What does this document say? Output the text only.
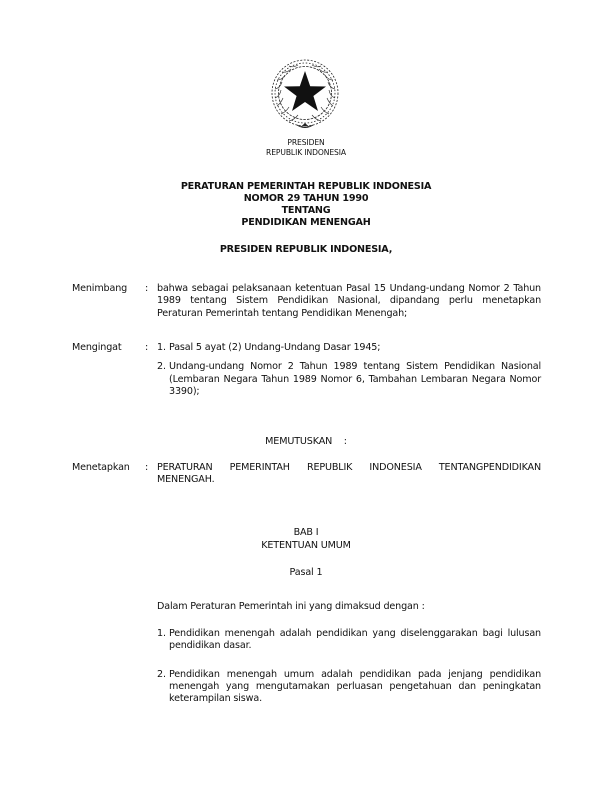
PRESIDEN
REPUBLIK INDONESIA
PERATURAN PEMERINTAH REPUBLIK INDONESIA
NOMOR 29 TAHUN 1990
TENTANG
PENDIDIKAN MENENGAH
PRESIDEN REPUBLIK INDONESIA,
Menimbang : bahwa sebagai pelaksanaan ketentuan Pasal 15 Undang-undang Nomor 2 Tahun 1989 tentang Sistem Pendidikan Nasional, dipandang perlu menetapkan Peraturan Pemerintah tentang Pendidikan Menengah;
Mengingat : 1. Pasal 5 ayat (2) Undang-Undang Dasar 1945;
2. Undang-undang Nomor 2 Tahun 1989 tentang Sistem Pendidikan Nasional (Lembaran Negara Tahun 1989 Nomor 6, Tambahan Lembaran Negara Nomor 3390);
MEMUTUSKAN    :
Menetapkan : PERATURAN PEMERINTAH REPUBLIK INDONESIA TENTANGPENDIDIKAN MENENGAH.
BAB I
KETENTUAN UMUM
Pasal 1
Dalam Peraturan Pemerintah ini yang dimaksud dengan :
1. Pendidikan menengah adalah pendidikan yang diselenggarakan bagi lulusan pendidikan dasar.
2. Pendidikan menengah umum adalah pendidikan pada jenjang pendidikan menengah yang mengutamakan perluasan pengetahuan dan peningkatan keterampilan siswa.
